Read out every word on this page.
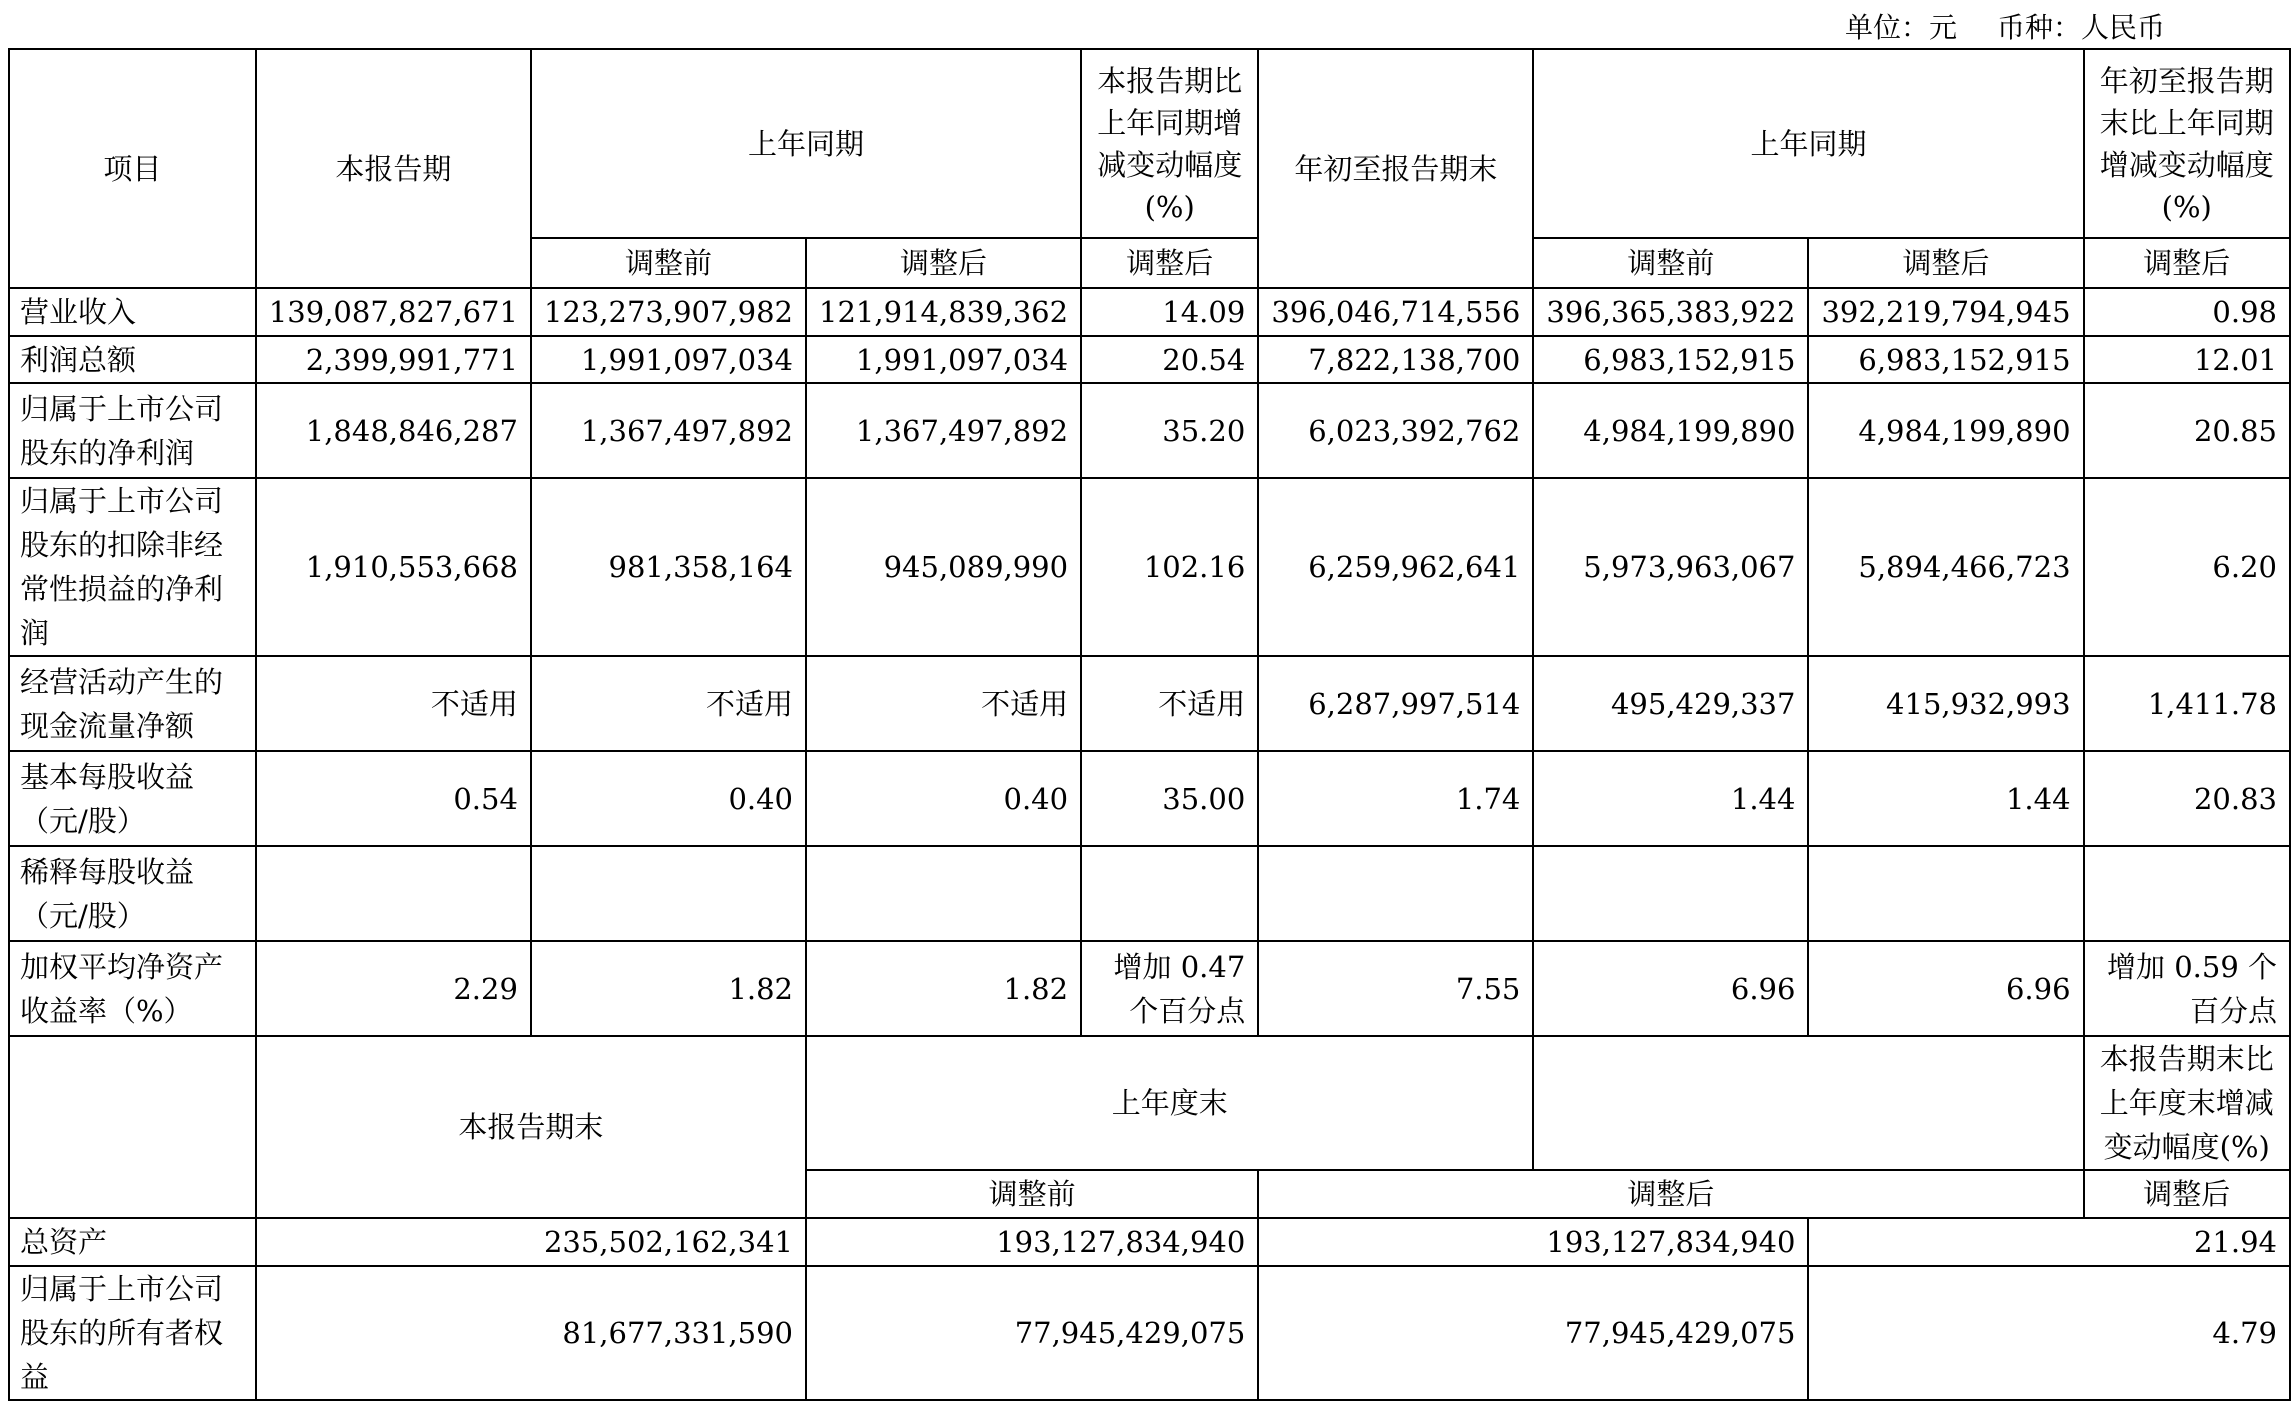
单位：元 币种：人民币
项目	本报告期	上年同期		本报告期比上年同期增减变动幅度(%)	年初至报告期末	上年同期		年初至报告期末比上年同期增减变动幅度(%)
		调整前	调整后	调整后		调整前	调整后	调整后
营业收入	139,087,827,671	123,273,907,982	121,914,839,362	14.09	396,046,714,556	396,365,383,922	392,219,794,945	0.98
利润总额	2,399,991,771	1,991,097,034	1,991,097,034	20.54	7,822,138,700	6,983,152,915	6,983,152,915	12.01
归属于上市公司股东的净利润	1,848,846,287	1,367,497,892	1,367,497,892	35.20	6,023,392,762	4,984,199,890	4,984,199,890	20.85
归属于上市公司股东的扣除非经常性损益的净利润	1,910,553,668	981,358,164	945,089,990	102.16	6,259,962,641	5,973,963,067	5,894,466,723	6.20
经营活动产生的现金流量净额	不适用	不适用	不适用	不适用	6,287,997,514	495,429,337	415,932,993	1,411.78
基本每股收益（元/股）	0.54	0.40	0.40	35.00	1.74	1.44	1.44	20.83
稀释每股收益（元/股）								
加权平均净资产收益率（%）	2.29	1.82	1.82	增加 0.47 个百分点	7.55	6.96	6.96	增加 0.59 个百分点
	本报告期末		上年度末					本报告期末比上年度末增减变动幅度(%)
			调整前		调整后			调整后
总资产	235,502,162,341		193,127,834,940		193,127,834,940		21.94	
归属于上市公司股东的所有者权益	81,677,331,590		77,945,429,075		77,945,429,075		4.79	
